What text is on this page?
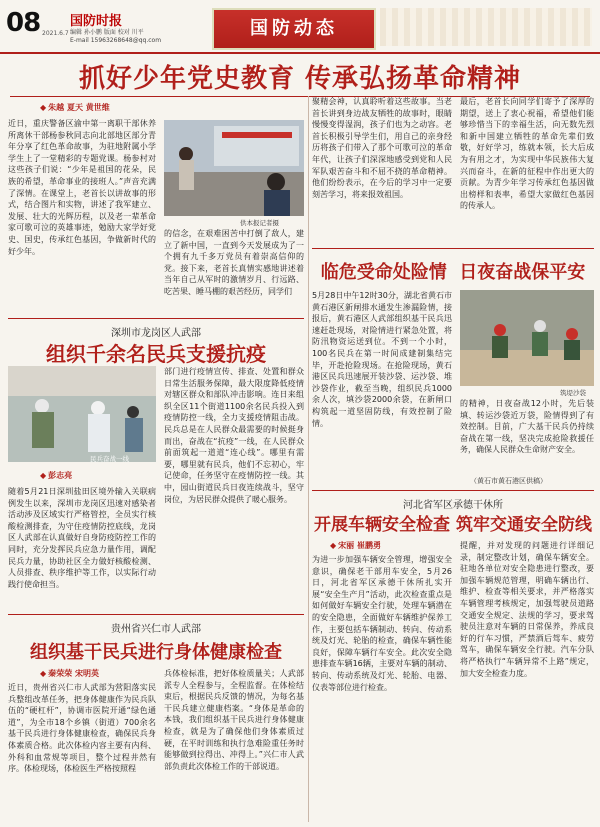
08 国防时报
2021.6.7 编辑 孙小鹏 版面 校对 川平
E-mail 15963268648@qq.com
国防动态
抓好少年党史教育 传承弘扬革命精神
◆ 朱越 夏天 黄世维
近日，重庆警备区渝中第一离职干部休养所离休干部杨参秋同志向北部地区部分青年分享了红色革命故事，为驻地附属小学学生上了一堂精彩的专题党课。杨参村对这些孩子们说：“少年是祖国的花朵，民族的希望，革命事业的接班人。”声音充满了深情。在课堂上，老首长以讲故事的形式，结合图片和实物，讲述了我军建立、发展、壮大的光辉历程，以及老一辈革命家可歌可泣的英雄事迹，勉励大家学好党史、国史，传承红色基因，争做新时代的好少年。
供本报记者摄
的信念，在艰难困苦中打倒了敌人，建立了新中国，一直到今天发展成为了一个拥有九千多万党员有着崇高信仰的党。接下来，老首长真情实感地讲述着当年自己从军时的激情岁月、行远路、吃苦果、睡马棚的艰苦经历，同学们
聚精会神，认真聆听着这些故事。当老首长讲到身边战友牺牲的故事时，眼睛慢慢变得湿润，孩子们也为之动容。老首长积极引导学生们，用自己的亲身经历将孩子们带入了那个可歌可泣的革命年代，让孩子们深深地感受到党和人民军队艰苦奋斗和不屈不挠的革命精神。他们纷纷表示，在今后的学习中一定要刻苦学习，将来报效祖国。
最后，老首长向同学们寄予了深厚的期望，送上了衷心祝福，希望他们能够珍惜当下的幸福生活，向无数先烈和新中国建立牺牲的革命先辈们致敬，好好学习，练就本领，长大后成为有用之才，为实现中华民族伟大复兴而奋斗，在新的征程中作出更大的贡献。为青少年学习传承红色基因做出榜样和表率，希望大家做红色基因的传承人。
深圳市龙岗区人武部
组织千余名民兵支援抗疫
民兵奋战一线
◆ 彭志亮
随着5月21日深圳盐田区境外输入关联病例发生以来，深圳市龙岗区迅速对感染者活动涉及区域实行严格管控，全员实行核酸检测排查，为守住疫情防控底线，龙岗区人武部在认真做好自身防疫防控工作的同时，充分发挥民兵应急力量作用，调配民兵力量，协助社区全力做好核酸检测、人员排查、秩序维护等工作，以实际行动践行使命担当。
部门进行疫情宣传、排查、处置和群众日常生活服务保障，最大限度降低疫情对辖区群众和部队冲击影响。连日来组织全区11个街道1100余名民兵投入到疫情防控一线，全力支援疫情阻击战。民兵总是在人民群众最需要的时候挺身而出，奋战在“抗疫”一线，在人民群众前面筑起一道道“连心线”。哪里有需要，哪里就有民兵，他们不忘初心，牢记使命，任务坚守在疫情防控一线。其中，园山街道民兵日夜连续战斗，坚守岗位，为居民群众提供了暖心服务。
临危受命处险情 日夜奋战保平安
5月28日中午12时30分，湖北省黄石市黄石港区新闸排水通发生渗漏险情，接报后，黄石港区人武部组织基干民兵迅速赶赴现场，对险情进行紧急处置，将防汛物资运送到位。不到一个小时，100名民兵在第一时间成建制集结完毕，开赴抢险现场。在抢险现场，黄石港区民兵迅速展开装沙袋、运沙袋、堆沙袋作业，截至当晚，组织民兵1000余人次，填沙袋2000余袋，在新闸口构筑起一道坚固防线，有效控制了险情。
筑堤沙袋
的精神，日夜奋战12小时，先后装填、转运沙袋近万袋，险情得到了有效控制。目前，广大基干民兵仍持续奋战在第一线，坚决完成抢险救援任务，确保人民群众生命财产安全。
（黄石市黄石港区供稿）
河北省军区承德干休所
开展车辆安全检查 筑牢交通安全防线
◆ 宋丽 崔鹏勇
为进一步加强车辆安全管理，增强安全意识，确保老干部用车安全，5月26日，河北省军区承德干休所扎实开展“安全生产月”活动，此次检查重点是如何做好车辆安全行驶，处理车辆潜在的安全隐患，全面做好车辆维护保养工作，主要包括车辆制动、转向、传动系统及灯光、轮胎的检查，确保车辆性能良好，保障车辆行车安全。此次安全隐患排查车辆16辆，主要对车辆的制动、转向、传动系统及灯光、轮胎、电器、仪表等部位进行检查。
提醒，并对发现的问题进行详细记录，制定整改计划，确保车辆安全。驻地各单位对安全隐患进行整改，要加强车辆规范管理，明确车辆出行、维护、检查等相关要求，并严格落实车辆管理考核规定，加强驾驶员道路交通安全规定、法规的学习，要求驾驶员注意对车辆的日常保养，养成良好的行车习惯，严禁酒后驾车、疲劳驾车，确保车辆安全行驶。汽车分队将严格执行“车辆异常不上路”规定，加大安全检查力度。
贵州省兴仁市人武部
组织基干民兵进行身体健康检查
◆ 秦荣荣 宋明英
近日，贵州省兴仁市人武部为营阳落实民兵整组改革任务，把身体健康作为民兵队伍的“硬杠杆”，协调市医院开通“绿色通道”，为全市18个乡镇（街道）700余名基干民兵进行身体健康检查，确保民兵身体素质合格。此次体检内容主要有内科、外科和血常规等项目，整个过程井然有序。体检现场，体检医生严格按照程
兵体检标准，把好体检质量关；人武部派专人全程参与，全程监督。在体检结束后，根据民兵反馈的情况，为每名基干民兵建立健康档案。“身体是革命的本钱，我们组织基干民兵进行身体健康检查，就是为了确保他们身体素质过硬，在平时训练和执行急难险重任务时能够做到拉得出、冲得上。”兴仁市人武部负责此次体检工作的干部说道。
